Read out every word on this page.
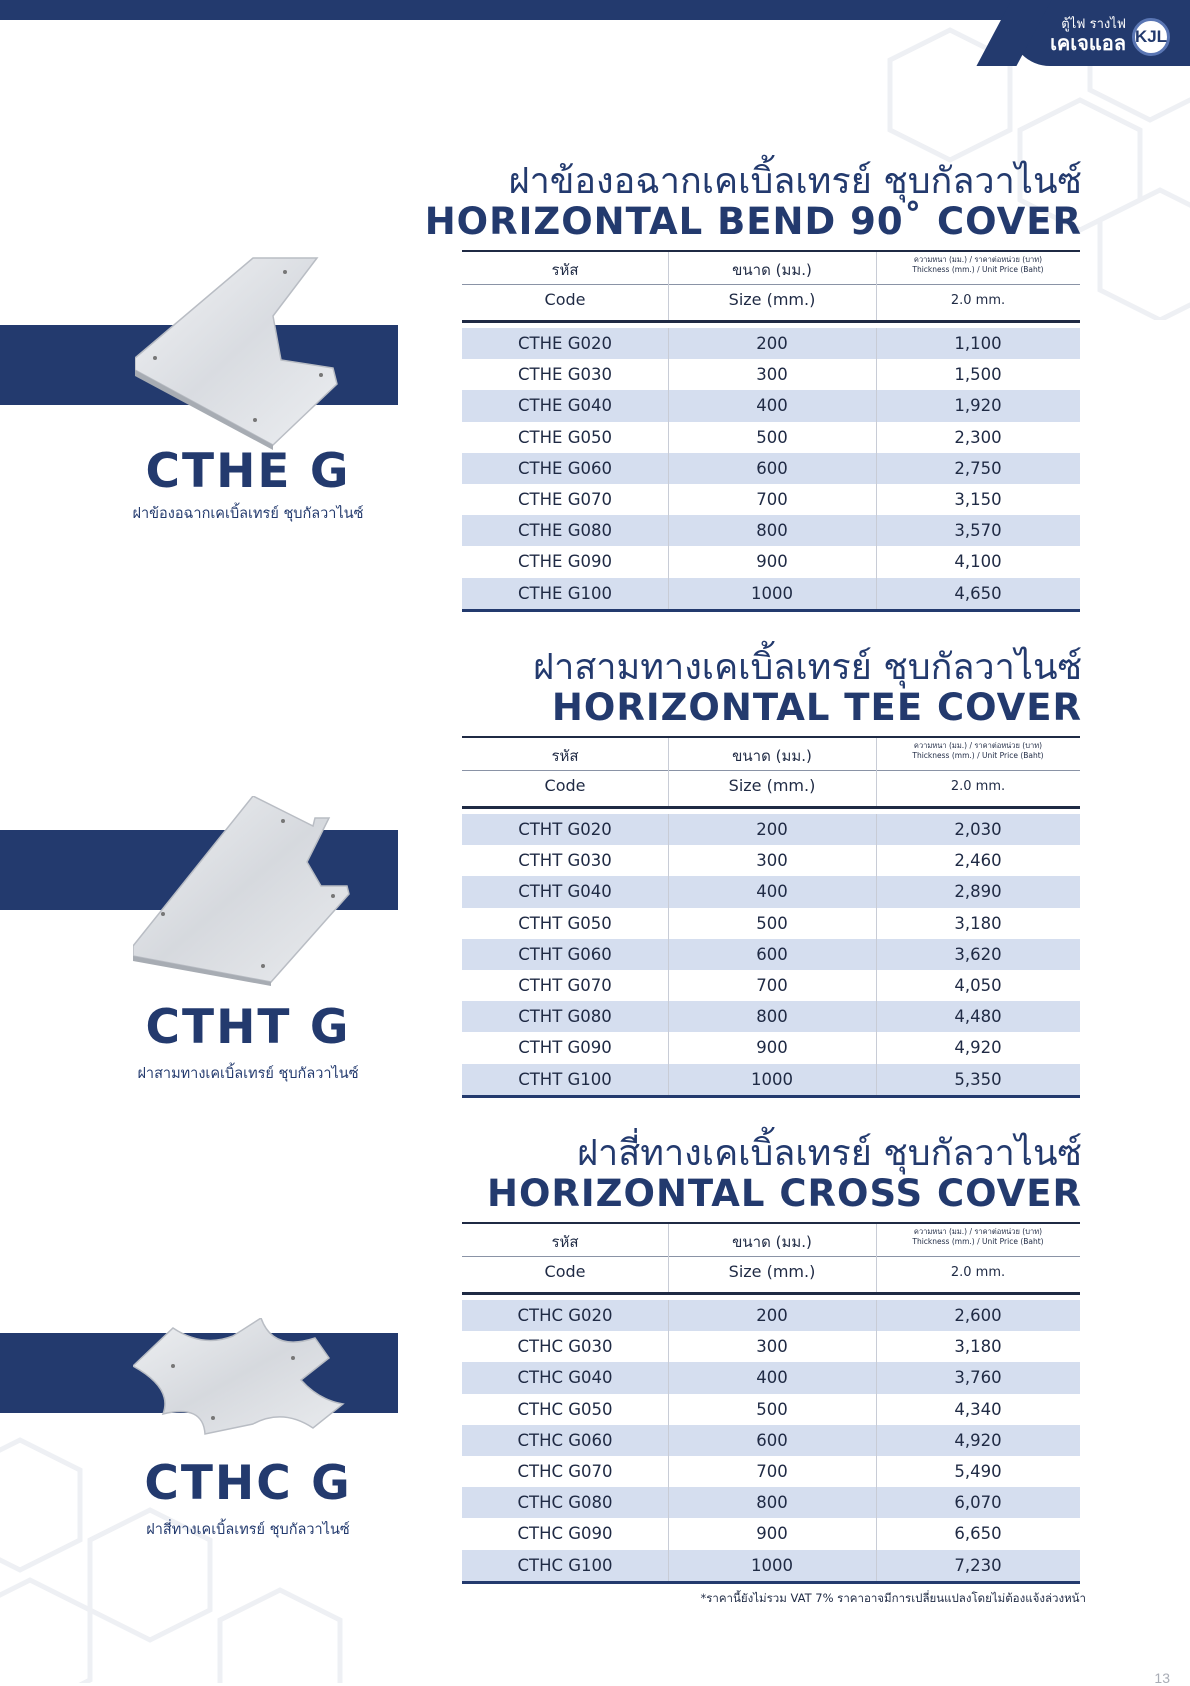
ตู้ไฟ รางไฟ
เคเจแอล KJL
ฝาข้องอฉากเคเบิ้ลเทรย์ ชุบกัลวาไนซ์
HORIZONTAL BEND 90˚ COVER
CTHE G
ฝาข้องอฉากเคเบิ้ลเทรย์ ชุบกัลวาไนซ์
รหัส	ขนาด (มม.)
ความหนา (มม.) / ราคาต่อหน่วย (บาท)
Thickness (mm.) / Unit Price (Baht)
Code	Size (mm.)	2.0 mm.
CTHE G020	200	1,100
CTHE G030	300	1,500
CTHE G040	400	1,920
CTHE G050	500	2,300
CTHE G060	600	2,750
CTHE G070	700	3,150
CTHE G080	800	3,570
CTHE G090	900	4,100
CTHE G100	1000	4,650
ฝาสามทางเคเบิ้ลเทรย์ ชุบกัลวาไนซ์
HORIZONTAL TEE COVER
CTHT G
ฝาสามทางเคเบิ้ลเทรย์ ชุบกัลวาไนซ์
รหัส	ขนาด (มม.)
ความหนา (มม.) / ราคาต่อหน่วย (บาท)
Thickness (mm.) / Unit Price (Baht)
Code	Size (mm.)	2.0 mm.
CTHT G020	200	2,030
CTHT G030	300	2,460
CTHT G040	400	2,890
CTHT G050	500	3,180
CTHT G060	600	3,620
CTHT G070	700	4,050
CTHT G080	800	4,480
CTHT G090	900	4,920
CTHT G100	1000	5,350
ฝาสี่ทางเคเบิ้ลเทรย์ ชุบกัลวาไนซ์
HORIZONTAL CROSS COVER
CTHC G
ฝาสี่ทางเคเบิ้ลเทรย์ ชุบกัลวาไนซ์
รหัส	ขนาด (มม.)
ความหนา (มม.) / ราคาต่อหน่วย (บาท)
Thickness (mm.) / Unit Price (Baht)
Code	Size (mm.)	2.0 mm.
CTHC G020	200	2,600
CTHC G030	300	3,180
CTHC G040	400	3,760
CTHC G050	500	4,340
CTHC G060	600	4,920
CTHC G070	700	5,490
CTHC G080	800	6,070
CTHC G090	900	6,650
CTHC G100	1000	7,230
*ราคานี้ยังไม่รวม VAT 7% ราคาอาจมีการเปลี่ยนแปลงโดยไม่ต้องแจ้งล่วงหน้า
13
